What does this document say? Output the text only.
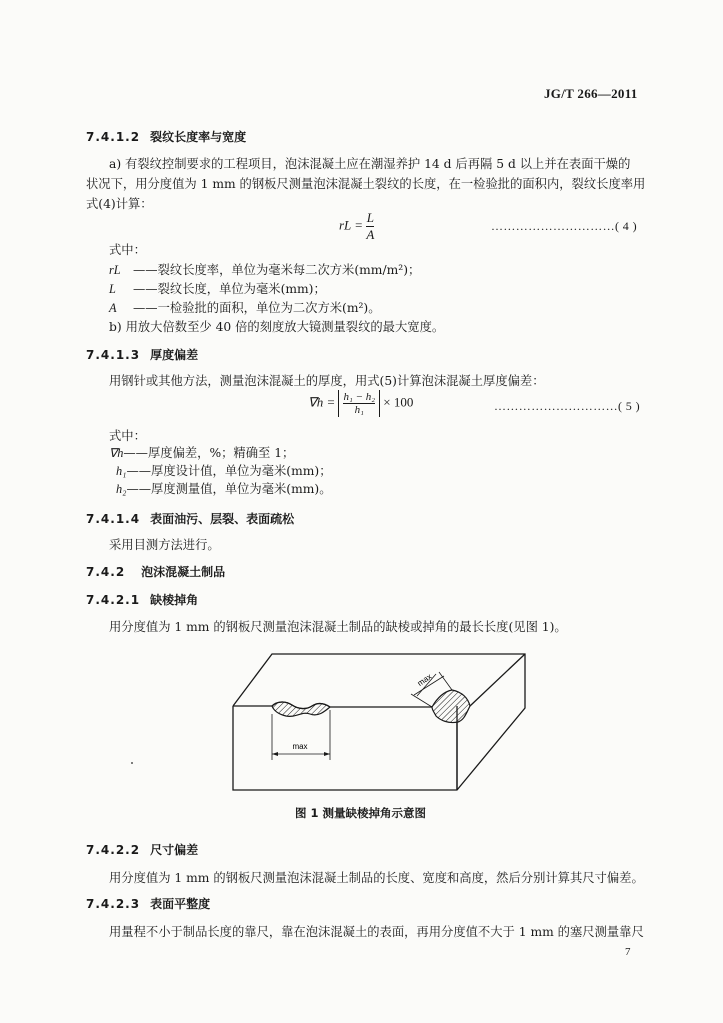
JG/T 266—2011
7.4.1.2 裂纹长度率与宽度
a) 有裂纹控制要求的工程项目，泡沫混凝土应在潮湿养护 14 d 后再隔 5 d 以上并在表面干燥的
状况下，用分度值为 1 mm 的钢板尺测量泡沫混凝土裂纹的长度，在一检验批的面积内，裂纹长度率用
式(4)计算：
rL = $\frac{L}{A}$	…………………………( 4 )
式中：
rL ——裂纹长度率，单位为毫米每二次方米(mm/m²)；
L ——裂纹长度，单位为毫米(mm)；
A ——一检验批的面积，单位为二次方米(m²)。
b) 用放大倍数至少 40 倍的刻度放大镜测量裂纹的最大宽度。
7.4.1.3 厚度偏差
用钢针或其他方法，测量泡沫混凝土的厚度，用式(5)计算泡沫混凝土厚度偏差：
$\nabla h = \frac{\text{h₁ − h₂}}{\text{h₁}} \times 100$	…………………………( 5 )
式中：
∇h——厚度偏差，%；精确至 1；
h₁——厚度设计值，单位为毫米(mm)；
h₂——厚度测量值，单位为毫米(mm)。
7.4.1.4 表面油污、层裂、表面疏松
采用目测方法进行。
7.4.2 泡沫混凝土制品
7.4.2.1 缺棱掉角
用分度值为 1 mm 的钢板尺测量泡沫混凝土制品的缺棱或掉角的最长长度(见图 1)。
max
max
图 1 测量缺棱掉角示意图
7.4.2.2 尺寸偏差
用分度值为 1 mm 的钢板尺测量泡沫混凝土制品的长度、宽度和高度，然后分别计算其尺寸偏差。
7.4.2.3 表面平整度
用量程不小于制品长度的靠尺，靠在泡沫混凝土的表面，再用分度值不大于 1 mm 的塞尺测量靠尺
7
